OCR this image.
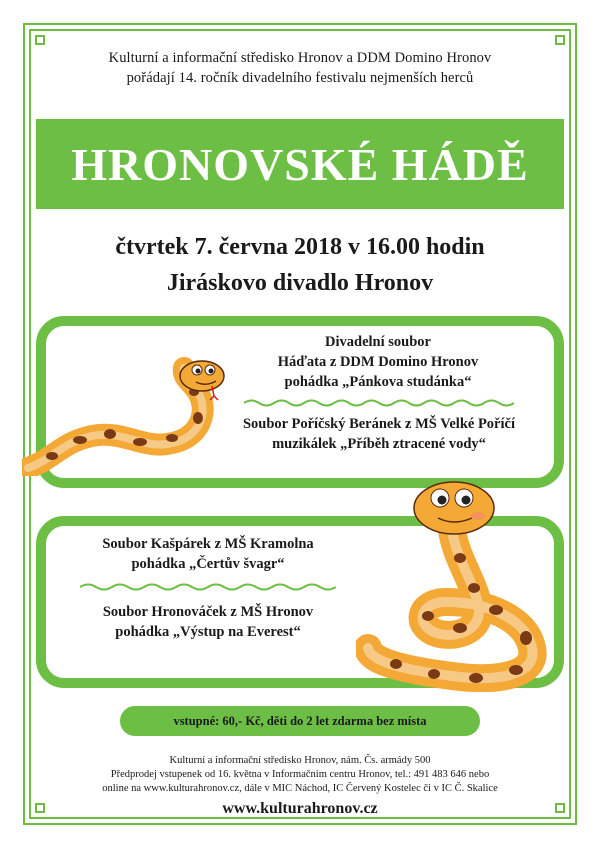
Kulturní a informační středisko Hronov a DDM Domino Hronov
pořádají 14. ročník divadelního festivalu nejmenších herců
HRONOVSKÉ HÁDĚ
čtvrtek 7. června 2018 v 16.00 hodin
Jiráskovo divadlo Hronov
Divadelní soubor
Háďata z DDM Domino Hronov
pohádka „Pánkova studánka“
Soubor Poříčský Beránek z MŠ Velké Poříčí
muzikálek „Příběh ztracené vody“
Soubor Kašpárek z MŠ Kramolna
pohádka „Čertův švagr“
Soubor Hronováček z MŠ Hronov
pohádka „Výstup na Everest“
vstupné: 60,- Kč, děti do 2 let zdarma bez místa
Kulturní a informační středisko Hronov, nám. Čs. armády 500
Předprodej vstupenek od 16. května v Informačním centru Hronov, tel.: 491 483 646 nebo
online na www.kulturahronov.cz, dále v MIC Náchod, IC Červený Kostelec či v IC Č. Skalice
www.kulturahronov.cz
